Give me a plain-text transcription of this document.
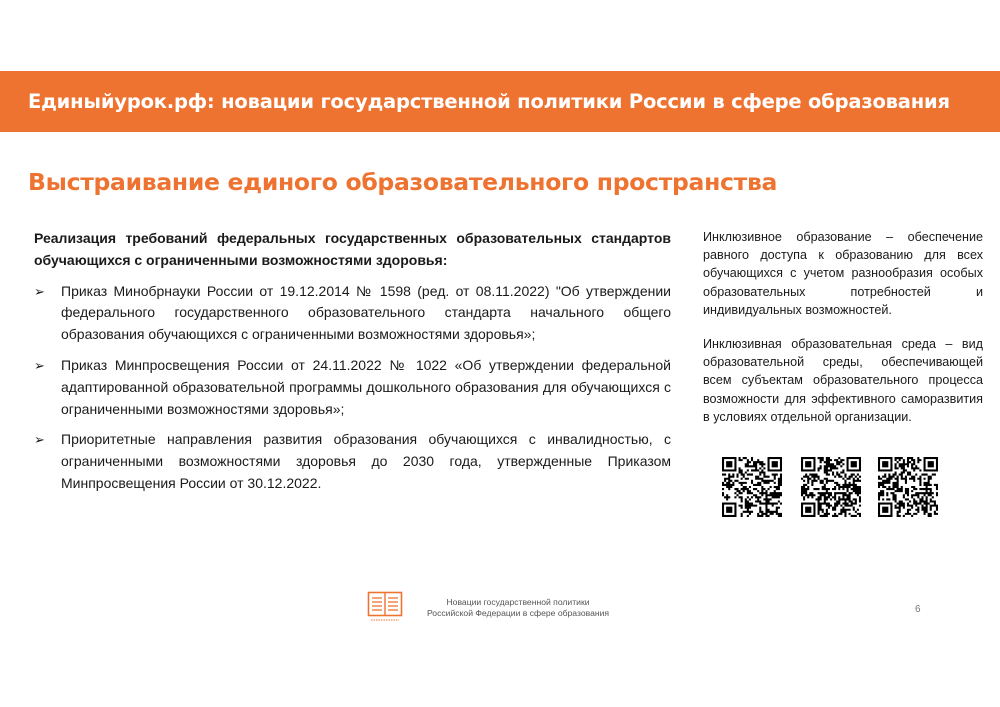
Единыйурок.рф: новации государственной политики России в сфере образования
Выстраивание единого образовательного пространства

Реализация требований федеральных государственных образовательных стандартов обучающихся с ограниченными возможностями здоровья:

➢ Приказ Минобрнауки России от 19.12.2014 № 1598 (ред. от 08.11.2022) "Об утверждении федерального государственного образовательного стандарта начального общего образования обучающихся с ограниченными возможностями здоровья»;
➢ Приказ Минпросвещения России от 24.11.2022 № 1022 «Об утверждении федеральной адаптированной образовательной программы дошкольного образования для обучающихся с ограниченными возможностями здоровья»;
➢ Приоритетные направления развития образования обучающихся с инвалидностью, с ограниченными возможностями здоровья до 2030 года, утвержденные Приказом Минпросвещения России от 30.12.2022.

Инклюзивное образование – обеспечение равного доступа к образованию для всех обучающихся с учетом разнообразия особых образовательных потребностей и индивидуальных возможностей.

Инклюзивная образовательная среда – вид образовательной среды, обеспечивающей всем субъектам образовательного процесса возможности для эффективного саморазвития в условиях отдельной организации.

Новации государственной политики
Российской Федерации в сфере образования	6
